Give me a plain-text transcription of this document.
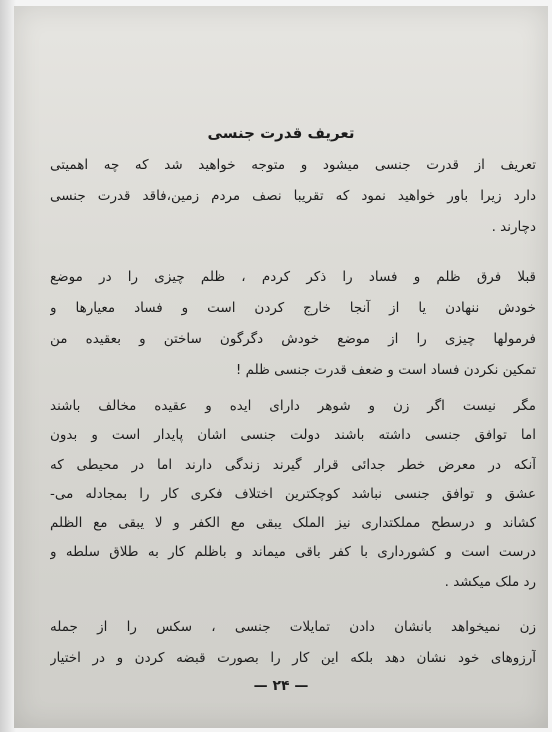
تعریف قدرت جنسی
تعریف از قدرت جنسی میشود و متوجه خواهید شد که چه اهمیتی
دارد زیرا باور خواهید نمود که تقریبا نصف مردم زمین،فاقد قدرت جنسی
دچارند .
قبلا فرق ظلم و فساد را ذکر کردم ، ظلم چیزی را در موضع
خودش ننهادن یا از آنجا خارج کردن است و فساد معیارها و
فرمولها چیزی را از موضع خودش دگرگون ساختن و بعقیده من
تمکین نکردن فساد است و ضعف قدرت جنسی ظلم !
مگر نیست اگر زن و شوهر دارای ایده و عقیده مخالف باشند
اما توافق جنسی داشته باشند دولت جنسی اشان پایدار است و بدون
آنکه در معرض خطر جدائی قرار گیرند زندگی دارند اما در محیطی که
عشق و توافق جنسی نباشد کوچکترین اختلاف فکری کار را بمجادله می-
کشاند و درسطح مملکتداری نیز الملک یبقی مع الکفر و لا یبقی مع الظلم
درست است و کشورداری با کفر باقی میماند و باظلم کار به طلاق سلطه و
رد ملک میکشد .
زن نمیخواهد بانشان دادن تمایلات جنسی ، سکس را از جمله
آرزوهای خود نشان دهد بلکه این کار را بصورت قبضه کردن و در اختیار
— ۲۴ —
